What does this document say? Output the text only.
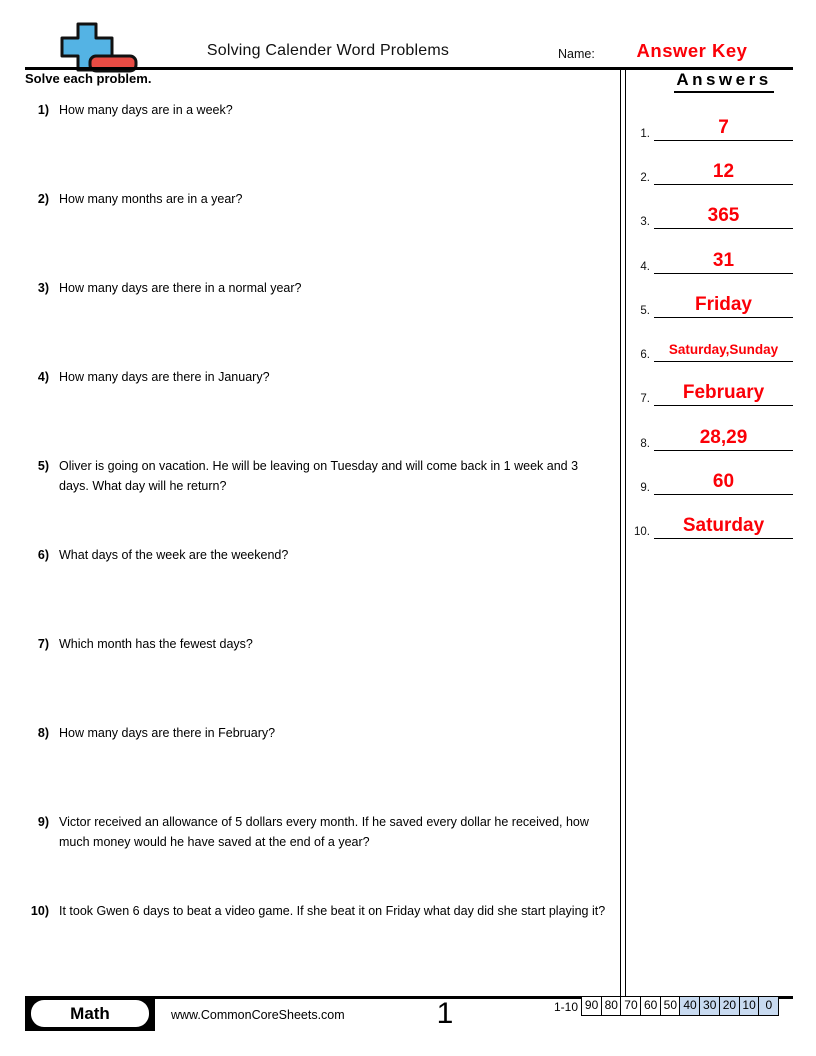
Solving Calender Word Problems	Name:	Answer Key
Solve each problem.
1) How many days are in a week?
2) How many months are in a year?
3) How many days are there in a normal year?
4) How many days are there in January?
5) Oliver is going on vacation. He will be leaving on Tuesday and will come back in 1 week and 3 days. What day will he return?
6) What days of the week are the weekend?
7) Which month has the fewest days?
8) How many days are there in February?
9) Victor received an allowance of 5 dollars every month. If he saved every dollar he received, how much money would he have saved at the end of a year?
10) It took Gwen 6 days to beat a video game. If she beat it on Friday what day did she start playing it?
Answers
1.	7
2.	12
3.	365
4.	31
5.	Friday
6.	Saturday,Sunday
7.	February
8.	28,29
9.	60
10.	Saturday
Math	www.CommonCoreSheets.com	1	1-10 90 80 70 60 50 40 30 20 10 0
